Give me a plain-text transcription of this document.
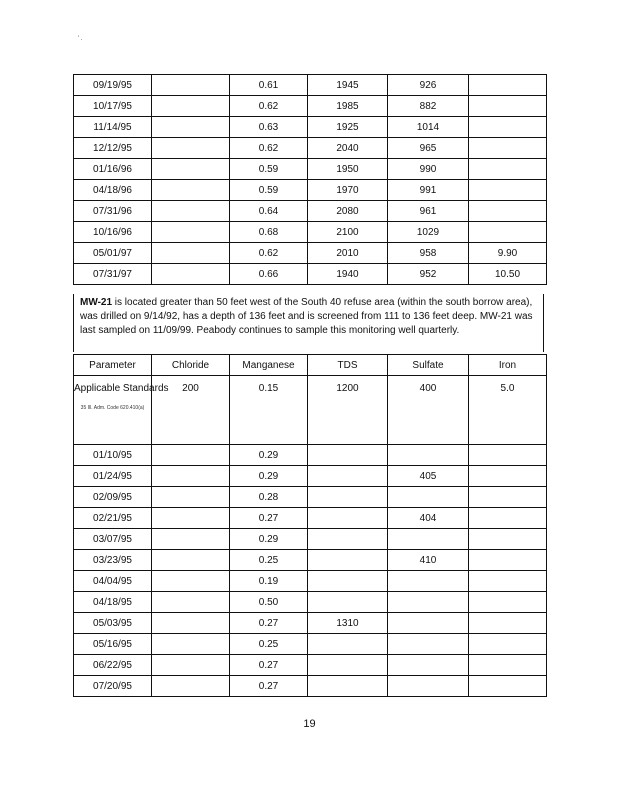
' .
09/19/95		0.61	1945	926	
10/17/95		0.62	1985	882	
11/14/95		0.63	1925	1014	
12/12/95		0.62	2040	965	
01/16/96		0.59	1950	990	
04/18/96		0.59	1970	991	
07/31/96		0.64	2080	961	
10/16/96		0.68	2100	1029	
05/01/97		0.62	2010	958	9.90
07/31/97		0.66	1940	952	10.50
MW-21 is located greater than 50 feet west of the South 40 refuse area (within the south borrow area), was drilled on 9/14/92, has a depth of 136 feet and is screened from 111 to 136 feet deep. MW-21 was last sampled on 11/09/99. Peabody continues to sample this monitoring well quarterly.
Parameter	Chloride	Manganese	TDS	Sulfate	Iron
Applicable Standards
35 Ill. Adm. Code 620.410(a)	200	0.15	1200	400	5.0
01/10/95		0.29			
01/24/95		0.29		405	
02/09/95		0.28			
02/21/95		0.27		404	
03/07/95		0.29			
03/23/95		0.25		410	
04/04/95		0.19			
04/18/95		0.50			
05/03/95		0.27	1310		
05/16/95		0.25			
06/22/95		0.27			
07/20/95		0.27			
19
